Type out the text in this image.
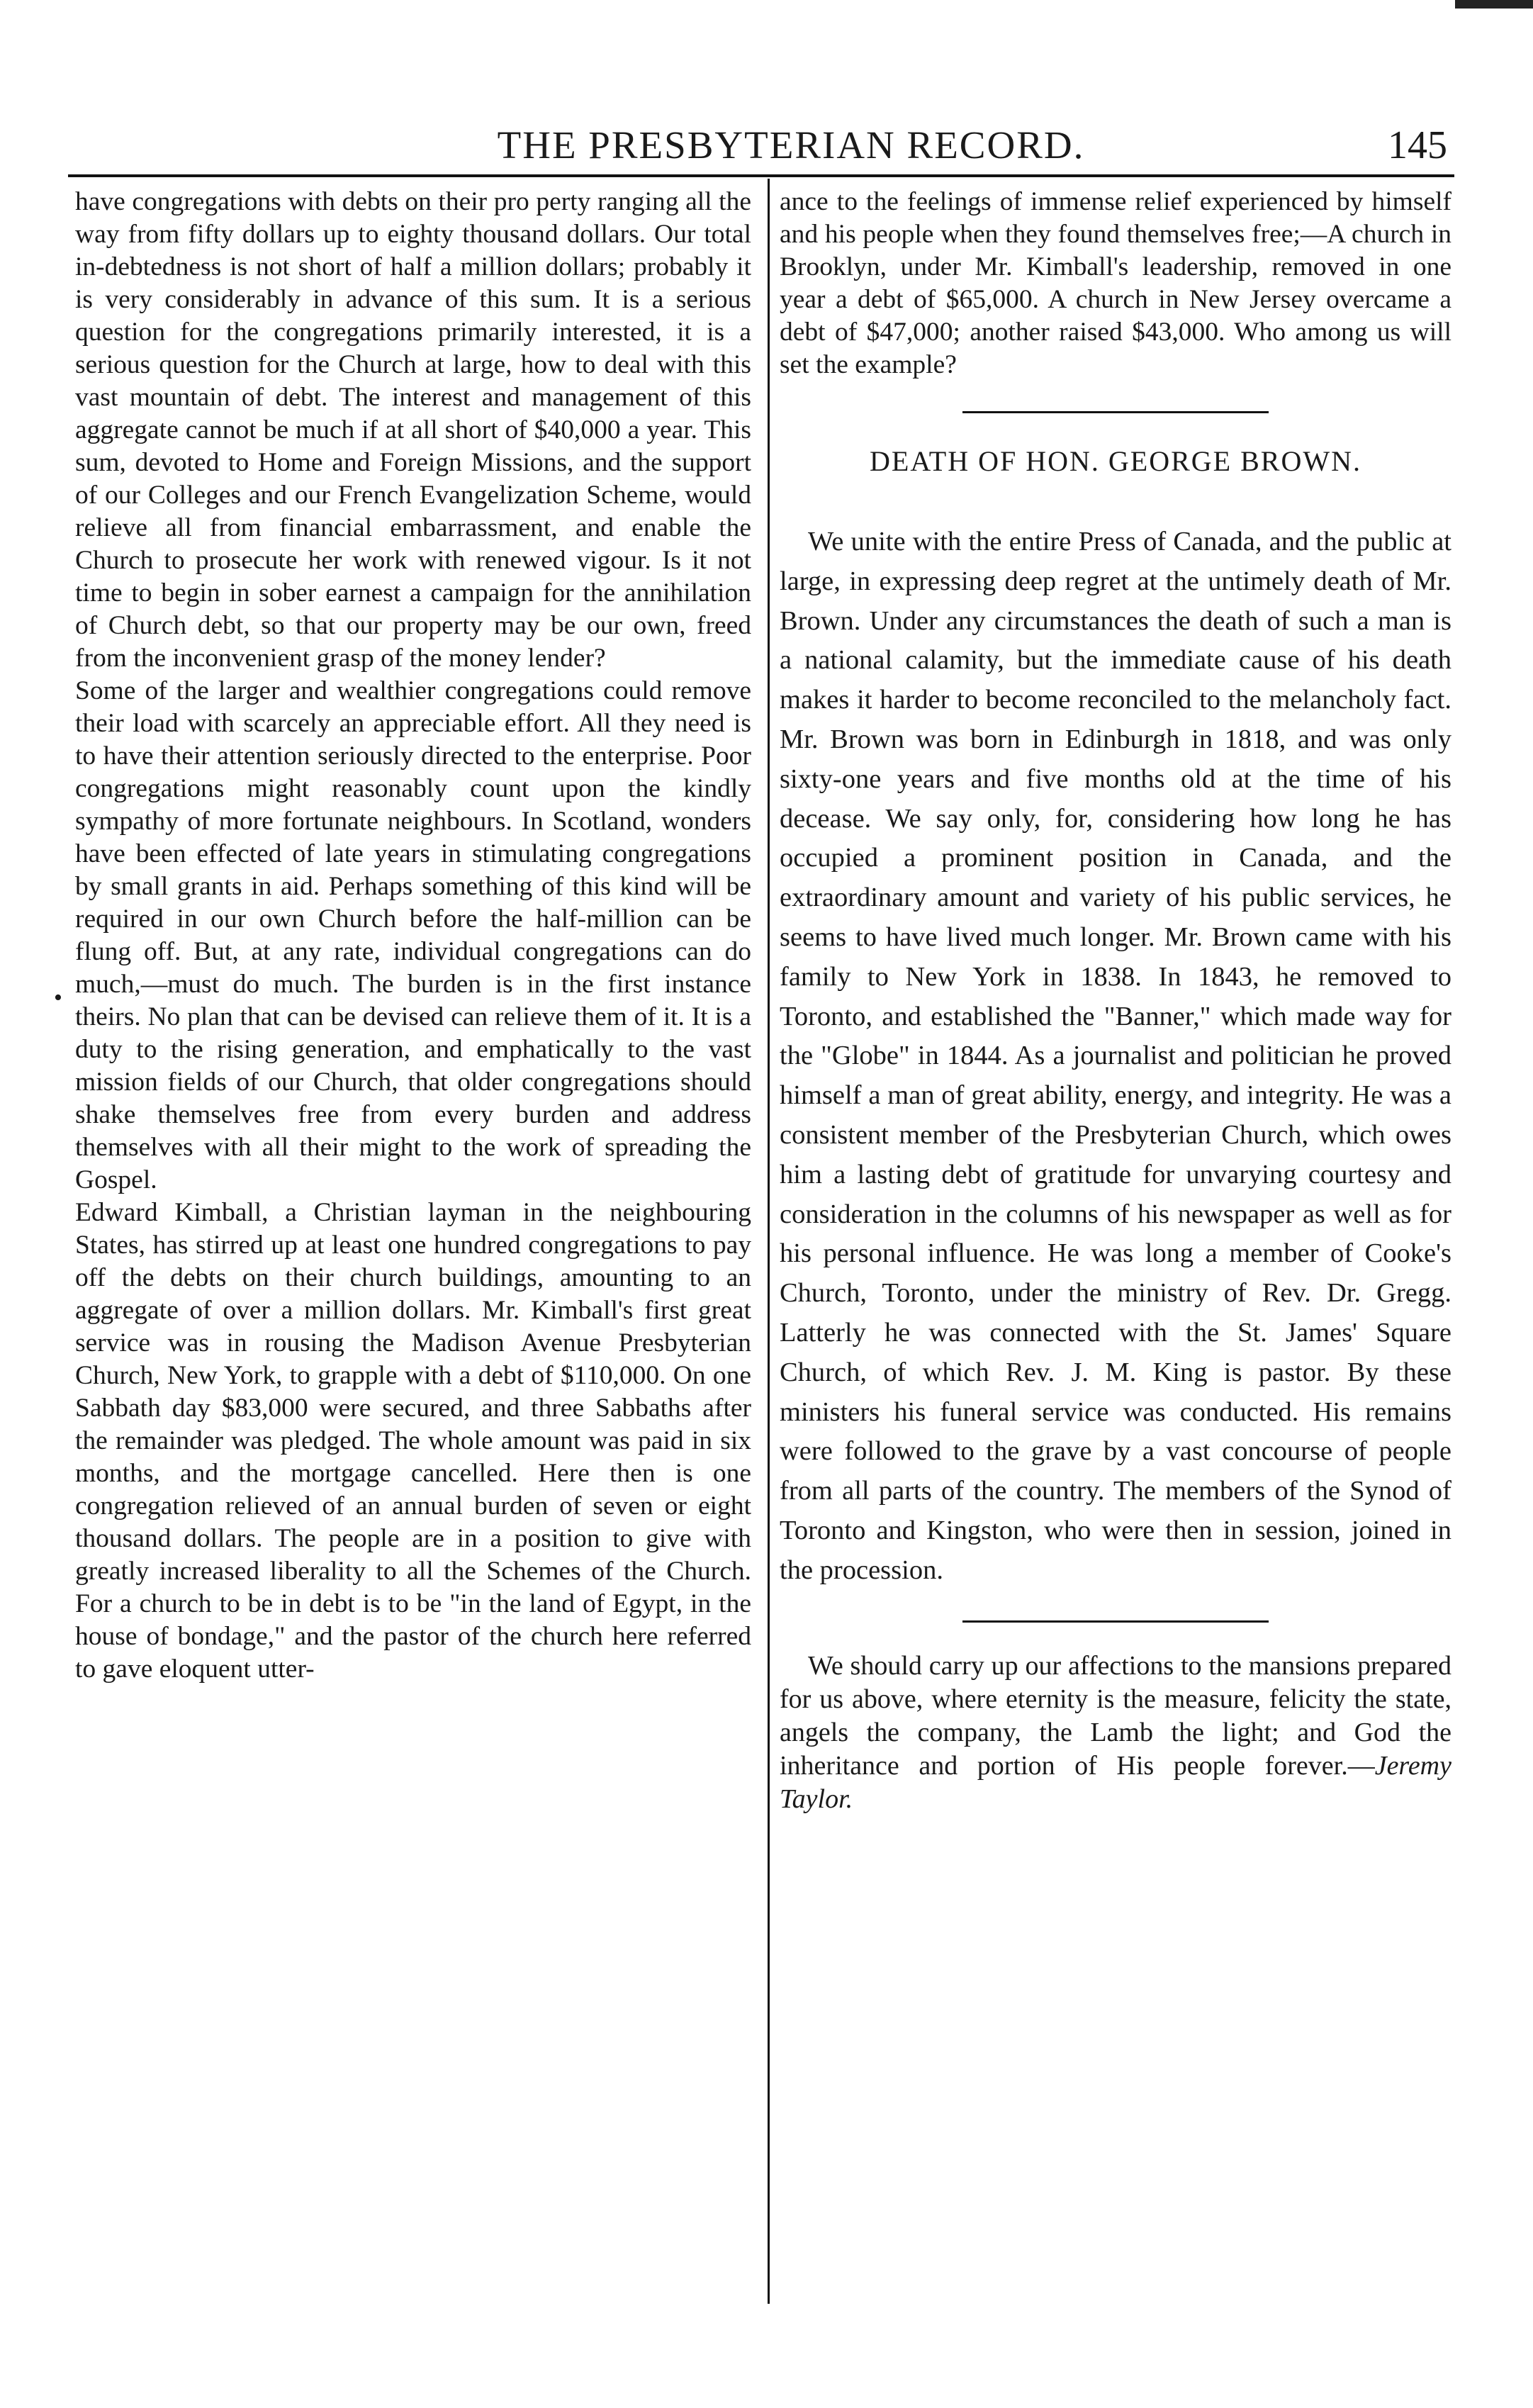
THE PRESBYTERIAN RECORD.	145
•

have congregations with debts on their pro perty ranging all the way from fifty dollars up to eighty thousand dollars. Our total in-debtedness is not short of half a million dollars; probably it is very considerably in advance of this sum. It is a serious question for the congregations primarily interested, it is a serious question for the Church at large, how to deal with this vast mountain of debt. The interest and management of this aggregate cannot be much if at all short of $40,000 a year. This sum, devoted to Home and Foreign Missions, and the support of our Colleges and our French Evangelization Scheme, would relieve all from financial embarrassment, and enable the Church to prosecute her work with renewed vigour. Is it not time to begin in sober earnest a campaign for the annihilation of Church debt, so that our property may be our own, freed from the inconvenient grasp of the money lender?

Some of the larger and wealthier congregations could remove their load with scarcely an appreciable effort. All they need is to have their attention seriously directed to the enterprise. Poor congregations might reasonably count upon the kindly sympathy of more fortunate neighbours. In Scotland, wonders have been effected of late years in stimulating congregations by small grants in aid. Perhaps something of this kind will be required in our own Church before the half-million can be flung off. But, at any rate, individual congregations can do much,—must do much. The burden is in the first instance theirs. No plan that can be devised can relieve them of it. It is a duty to the rising generation, and emphatically to the vast mission fields of our Church, that older congregations should shake themselves free from every burden and address themselves with all their might to the work of spreading the Gospel.

Edward Kimball, a Christian layman in the neighbouring States, has stirred up at least one hundred congregations to pay off the debts on their church buildings, amounting to an aggregate of over a million dollars. Mr. Kimball's first great service was in rousing the Madison Avenue Presbyterian Church, New York, to grapple with a debt of $110,000. On one Sabbath day $83,000 were secured, and three Sabbaths after the remainder was pledged. The whole amount was paid in six months, and the mortgage cancelled. Here then is one congregation relieved of an annual burden of seven or eight thousand dollars. The people are in a position to give with greatly increased liberality to all the Schemes of the Church. For a church to be in debt is to be "in the land of Egypt, in the house of bondage," and the pastor of the church here referred to gave eloquent utter-

ance to the feelings of immense relief experienced by himself and his people when they found themselves free;—A church in Brooklyn, under Mr. Kimball's leadership, removed in one year a debt of $65,000. A church in New Jersey overcame a debt of $47,000; another raised $43,000. Who among us will set the example?

DEATH OF HON. GEORGE BROWN.

We unite with the entire Press of Canada, and the public at large, in expressing deep regret at the untimely death of Mr. Brown. Under any circumstances the death of such a man is a national calamity, but the immediate cause of his death makes it harder to become reconciled to the melancholy fact. Mr. Brown was born in Edinburgh in 1818, and was only sixty-one years and five months old at the time of his decease. We say only, for, considering how long he has occupied a prominent position in Canada, and the extraordinary amount and variety of his public services, he seems to have lived much longer. Mr. Brown came with his family to New York in 1838. In 1843, he removed to Toronto, and established the "Banner," which made way for the "Globe" in 1844. As a journalist and politician he proved himself a man of great ability, energy, and integrity. He was a consistent member of the Presbyterian Church, which owes him a lasting debt of gratitude for unvarying courtesy and consideration in the columns of his newspaper as well as for his personal influence. He was long a member of Cooke's Church, Toronto, under the ministry of Rev. Dr. Gregg. Latterly he was connected with the St. James' Square Church, of which Rev. J. M. King is pastor. By these ministers his funeral service was conducted. His remains were followed to the grave by a vast concourse of people from all parts of the country. The members of the Synod of Toronto and Kingston, who were then in session, joined in the procession.

We should carry up our affections to the mansions prepared for us above, where eternity is the measure, felicity the state, angels the company, the Lamb the light; and God the inheritance and portion of His people forever.—Jeremy Taylor.
